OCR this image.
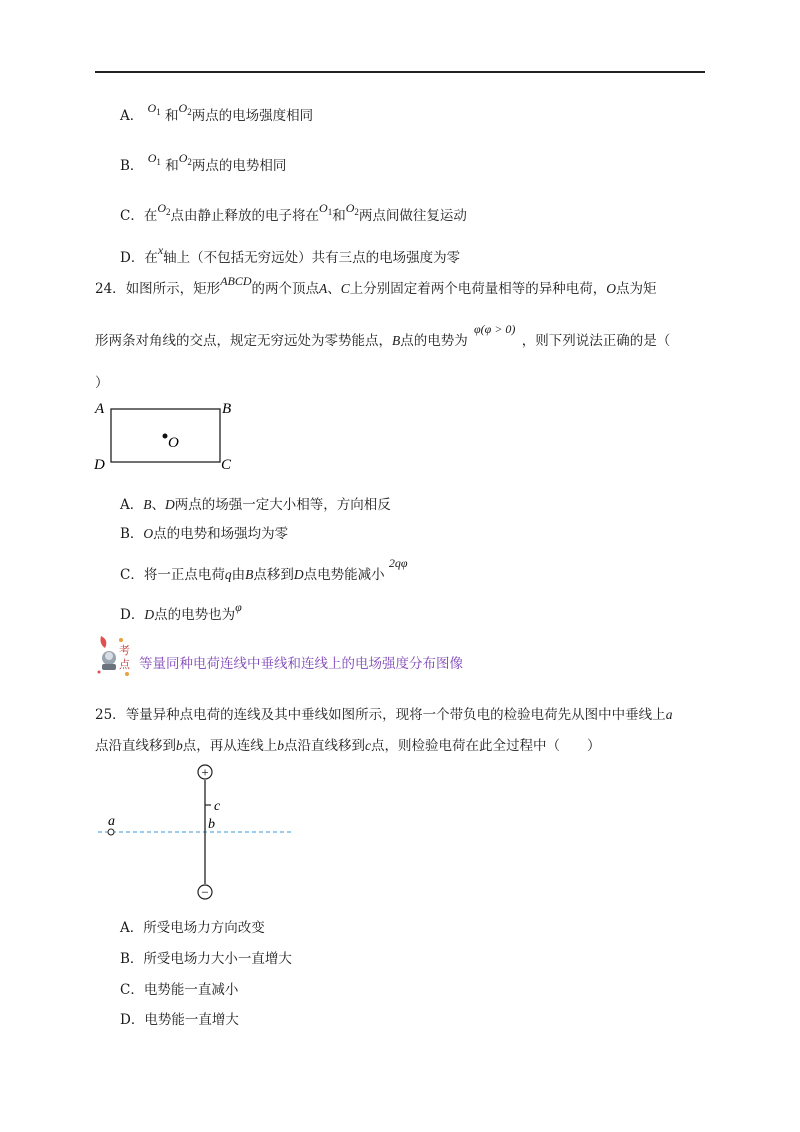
A． $O_1$ 和$O_2$两点的电场强度相同
B． $O_1$ 和$O_2$两点的电势相同
C．在$O_2$点由静止释放的电子将在$O_1$和$O_2$两点间做往复运动
D．在x轴上（不包括无穷远处）共有三点的电场强度为零
24．如图所示，矩形ABCD的两个顶点A、C上分别固定着两个电荷量相等的异种电荷，O点为矩
形两条对角线的交点，规定无穷远处为零势能点，B点的电势为 φ(φ > 0) ，则下列说法正确的是（
）
A	B
C
D
O
A．B、D两点的场强一定大小相等，方向相反
B．O点的电势和场强均为零
C．将一正点电荷q由B点移到D点电势能减小 2qφ
D．D点的电势也为φ
考
点 等量同种电荷连线中垂线和连线上的电场强度分布图像
25．等量异种点电荷的连线及其中垂线如图所示，现将一个带负电的检验电荷先从图中中垂线上a
点沿直线移到b点，再从连线上b点沿直线移到c点，则检验电荷在此全过程中（　　）
+
−
c
b
a
A．所受电场力方向改变
B．所受电场力大小一直增大
C．电势能一直减小
D．电势能一直增大
